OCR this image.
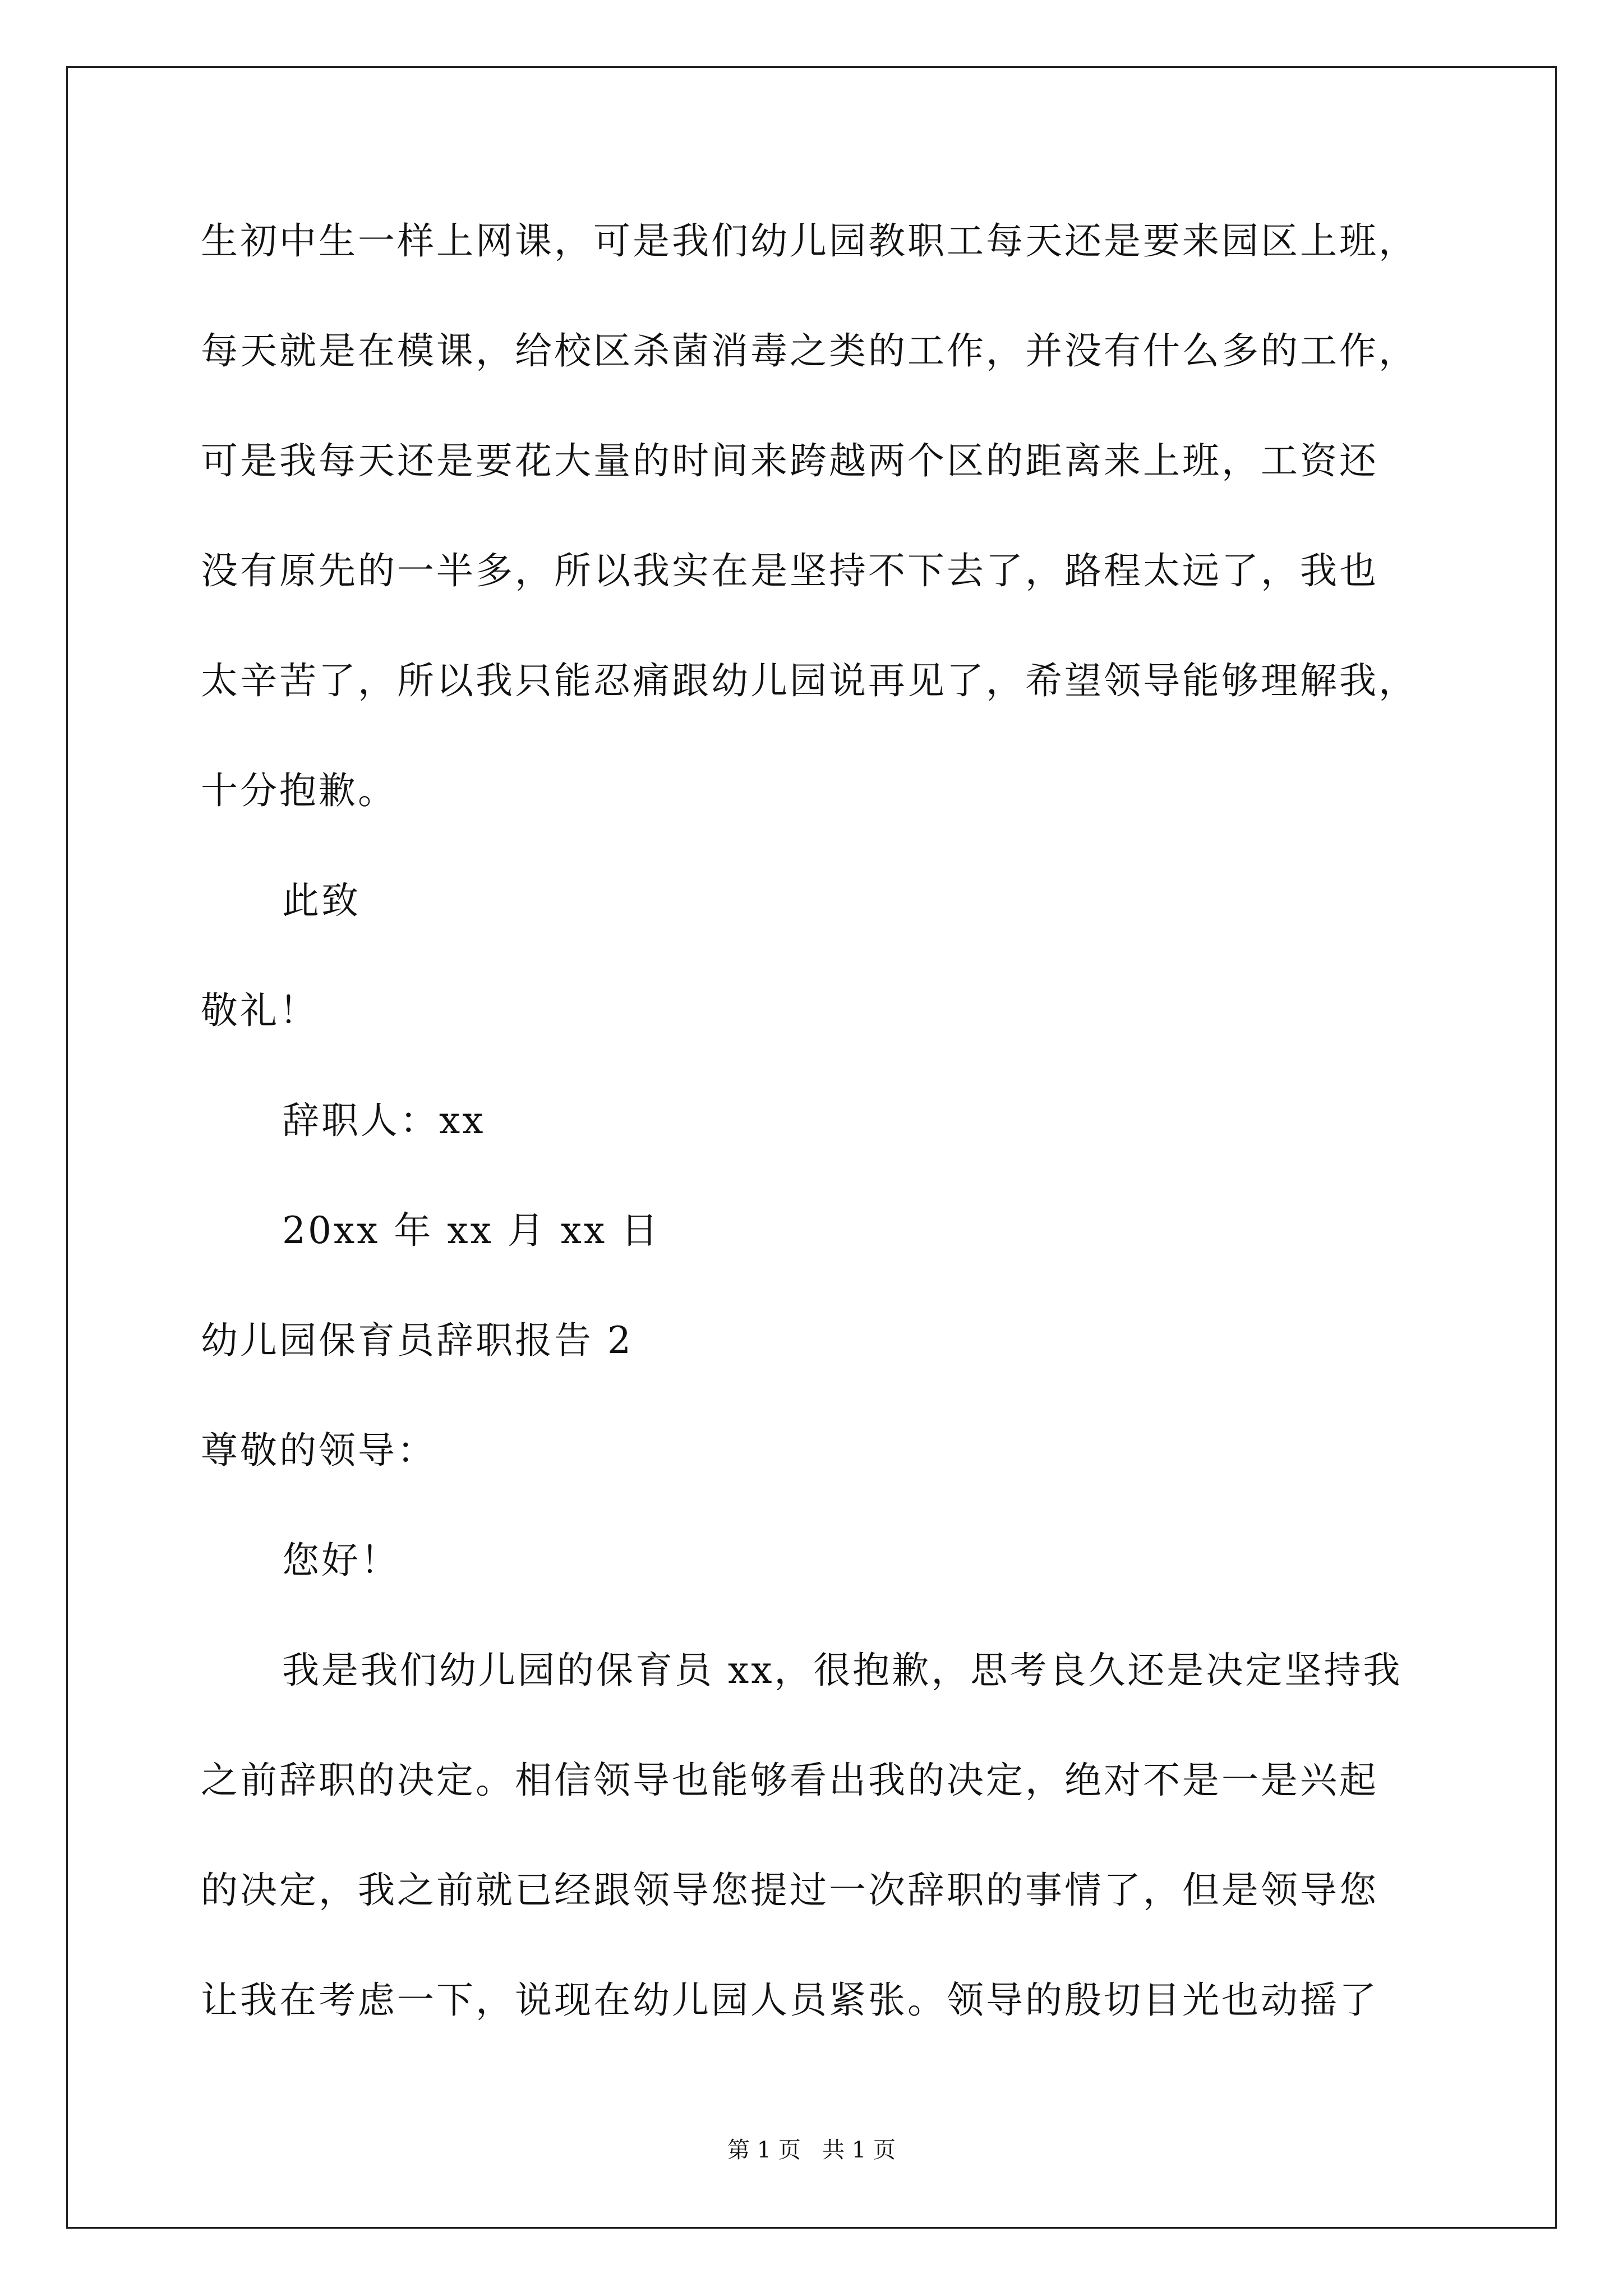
生初中生一样上网课，可是我们幼儿园教职工每天还是要来园区上班，
每天就是在模课，给校区杀菌消毒之类的工作，并没有什么多的工作，
可是我每天还是要花大量的时间来跨越两个区的距离来上班，工资还
没有原先的一半多，所以我实在是坚持不下去了，路程太远了，我也
太辛苦了，所以我只能忍痛跟幼儿园说再见了，希望领导能够理解我，
十分抱歉。
此致
敬礼！
辞职人：xx
20xx 年 xx 月 xx 日
幼儿园保育员辞职报告 2
尊敬的领导：
您好！
我是我们幼儿园的保育员 xx，很抱歉，思考良久还是决定坚持我
之前辞职的决定。相信领导也能够看出我的决定，绝对不是一是兴起
的决定，我之前就已经跟领导您提过一次辞职的事情了，但是领导您
让我在考虑一下，说现在幼儿园人员紧张。领导的殷切目光也动摇了
第 1 页   共 1 页
